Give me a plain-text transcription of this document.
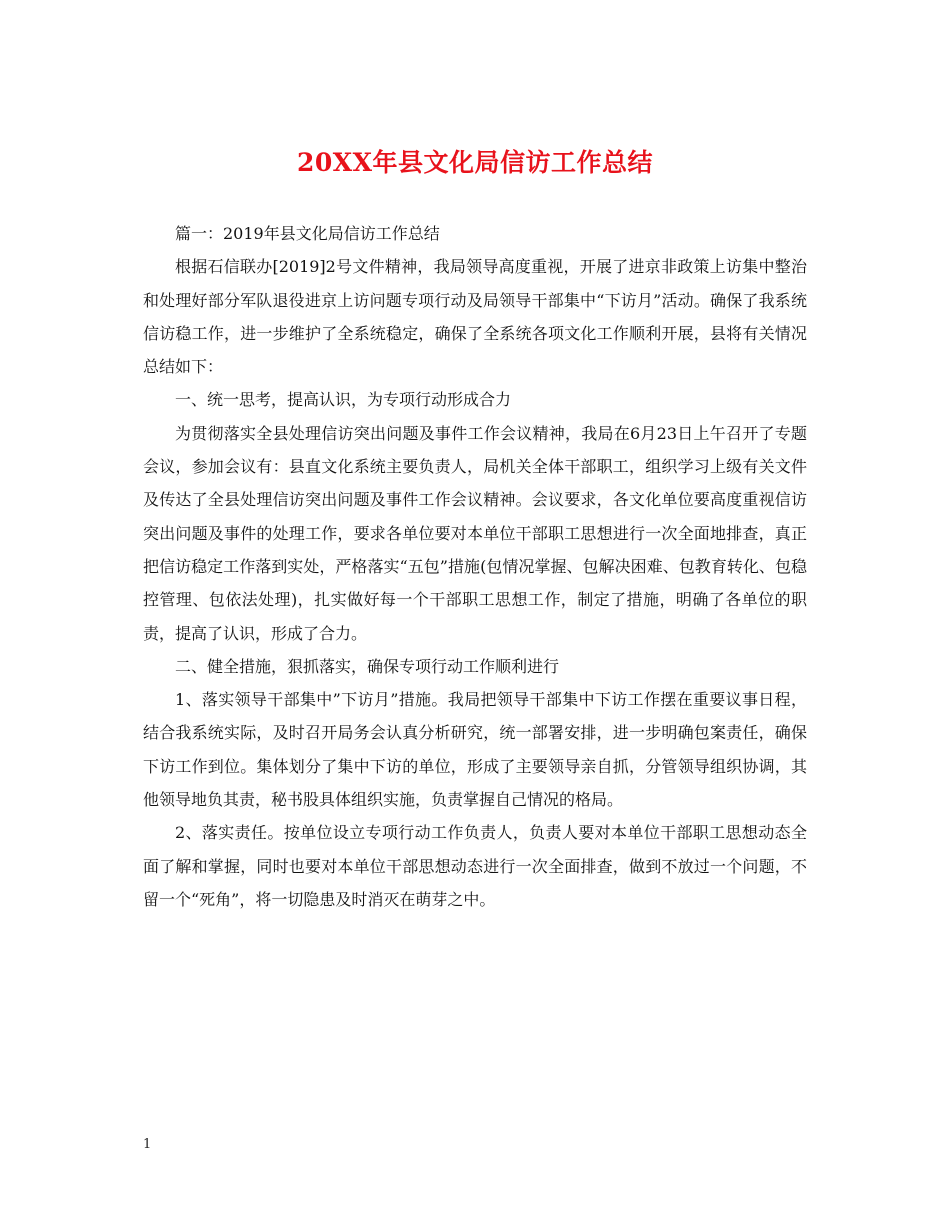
20XX年县文化局信访工作总结

篇一：2019年县文化局信访工作总结

根据石信联办[2019]2号文件精神，我局领导高度重视，开展了进京非政策上访集中整治和处理好部分军队退役进京上访问题专项行动及局领导干部集中“下访月”活动。确保了我系统信访稳工作，进一步维护了全系统稳定，确保了全系统各项文化工作顺利开展，县将有关情况总结如下：

一、统一思考，提高认识，为专项行动形成合力

为贯彻落实全县处理信访突出问题及事件工作会议精神，我局在6月23日上午召开了专题会议，参加会议有：县直文化系统主要负责人，局机关全体干部职工，组织学习上级有关文件及传达了全县处理信访突出问题及事件工作会议精神。会议要求，各文化单位要高度重视信访突出问题及事件的处理工作，要求各单位要对本单位干部职工思想进行一次全面地排查，真正把信访稳定工作落到实处，严格落实“五包”措施(包情况掌握、包解决困难、包教育转化、包稳控管理、包依法处理)，扎实做好每一个干部职工思想工作，制定了措施，明确了各单位的职责，提高了认识，形成了合力。

二、健全措施，狠抓落实，确保专项行动工作顺利进行

1、落实领导干部集中”下访月”措施。我局把领导干部集中下访工作摆在重要议事日程，结合我系统实际，及时召开局务会认真分析研究，统一部署安排，进一步明确包案责任，确保下访工作到位。集体划分了集中下访的单位，形成了主要领导亲自抓，分管领导组织协调，其他领导地负其责，秘书股具体组织实施，负责掌握自己情况的格局。

2、落实责任。按单位设立专项行动工作负责人，负责人要对本单位干部职工思想动态全面了解和掌握，同时也要对本单位干部思想动态进行一次全面排查，做到不放过一个问题，不留一个“死角”，将一切隐患及时消灭在萌芽之中。

1
